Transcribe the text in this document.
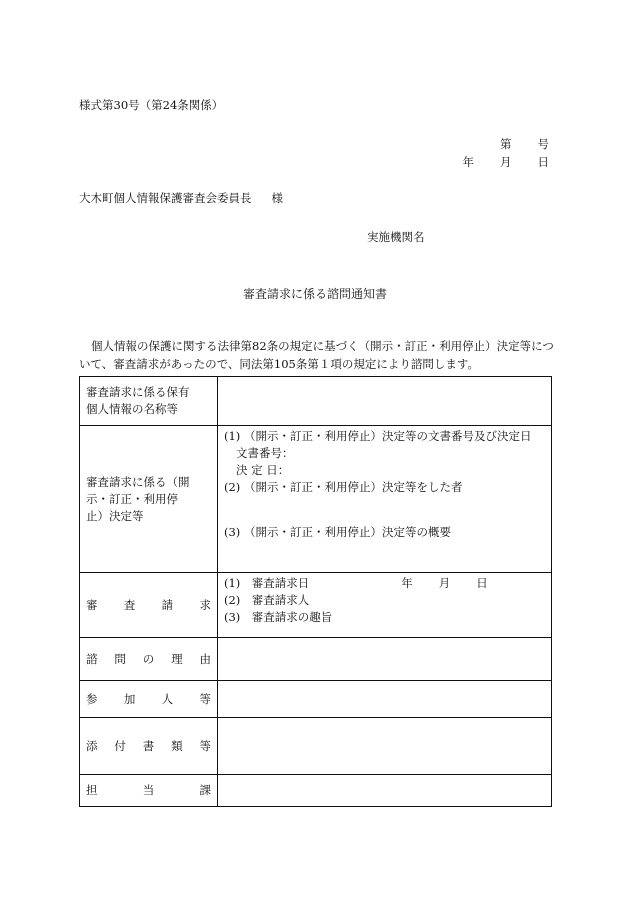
様式第30号（第24条関係）
第 号
年 月 日
大木町個人情報保護審査会委員長 様
実施機関名
審査請求に係る諮問通知書
個人情報の保護に関する法律第82条の規定に基づく（開示・訂正・利用停止）決定等について、審査請求があったので、同法第105条第１項の規定により諮問します。
審査請求に係る保有
個人情報の名称等	

審査請求に係る（開
示・訂正・利用停
止）決定等	(1) （開示・訂正・利用停止）決定等の文書番号及び決定日
文書番号：
決 定 日：
(2) （開示・訂正・利用停止）決定等をした者
(3) （開示・訂正・利用停止）決定等の概要

審 査 請 求	(1)　審査請求日 年 月 日
(2)　審査請求人
(3)　審査請求の趣旨

諮 問 の 理 由	

参 加 人 等	

添 付 書 類 等	

担 当 課	
